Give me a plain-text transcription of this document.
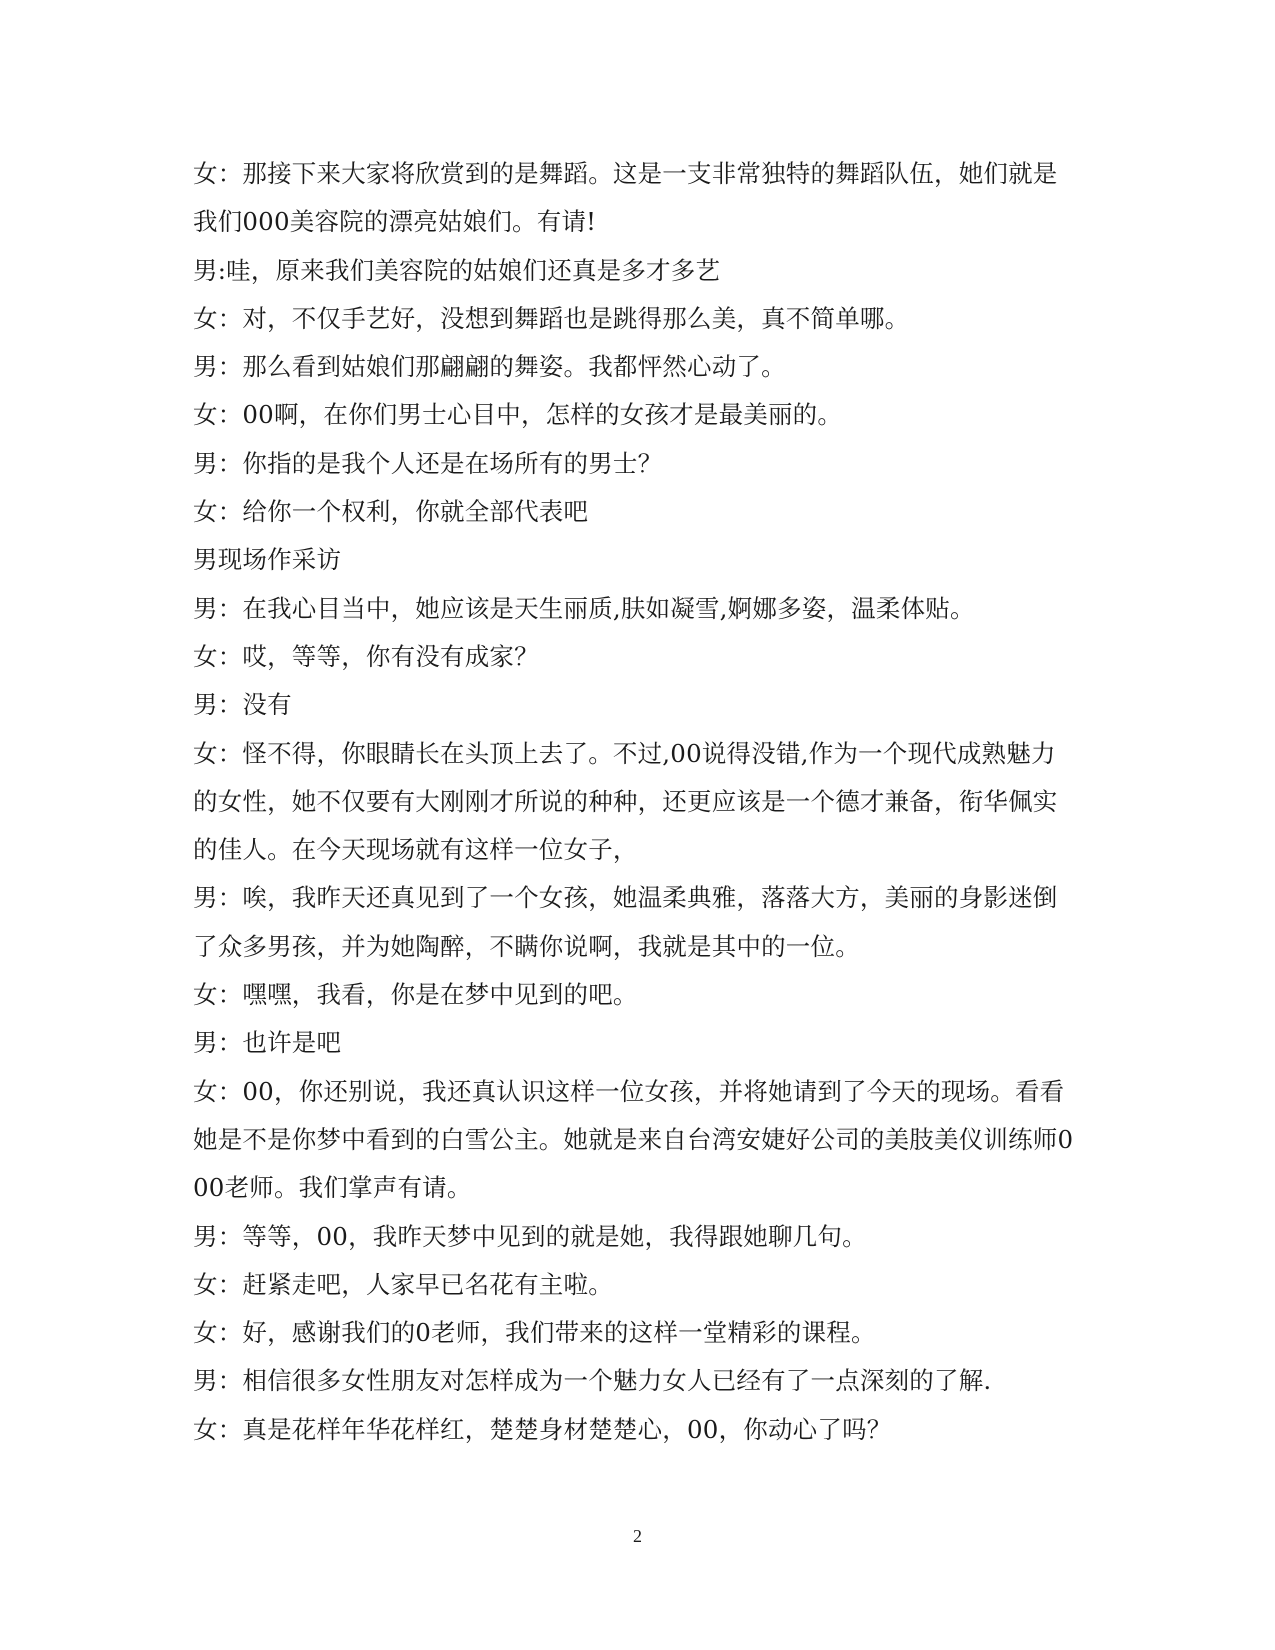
女：那接下来大家将欣赏到的是舞蹈。这是一支非常独特的舞蹈队伍，她们就是
我们000美容院的漂亮姑娘们。有请!
男:哇，原来我们美容院的姑娘们还真是多才多艺
女：对，不仅手艺好，没想到舞蹈也是跳得那么美，真不简单哪。
男：那么看到姑娘们那翩翩的舞姿。我都怦然心动了。
女：00啊，在你们男士心目中，怎样的女孩才是最美丽的。
男：你指的是我个人还是在场所有的男士？
女：给你一个权利，你就全部代表吧
男现场作采访
男：在我心目当中，她应该是天生丽质,肤如凝雪,婀娜多姿，温柔体贴。
女：哎，等等，你有没有成家？
男：没有
女：怪不得，你眼睛长在头顶上去了。不过,00说得没错,作为一个现代成熟魅力
的女性，她不仅要有大刚刚才所说的种种，还更应该是一个德才兼备，衔华佩实
的佳人。在今天现场就有这样一位女子，
男：唉，我昨天还真见到了一个女孩，她温柔典雅，落落大方，美丽的身影迷倒
了众多男孩，并为她陶醉，不瞒你说啊，我就是其中的一位。
女：嘿嘿，我看，你是在梦中见到的吧。
男：也许是吧
女：00，你还别说，我还真认识这样一位女孩，并将她请到了今天的现场。看看
她是不是你梦中看到的白雪公主。她就是来自台湾安婕好公司的美肢美仪训练师0
00老师。我们掌声有请。
男：等等，00，我昨天梦中见到的就是她，我得跟她聊几句。
女：赶紧走吧，人家早已名花有主啦。
女：好，感谢我们的0老师，我们带来的这样一堂精彩的课程。
男：相信很多女性朋友对怎样成为一个魅力女人已经有了一点深刻的了解.
女：真是花样年华花样红，楚楚身材楚楚心，00，你动心了吗？
2
